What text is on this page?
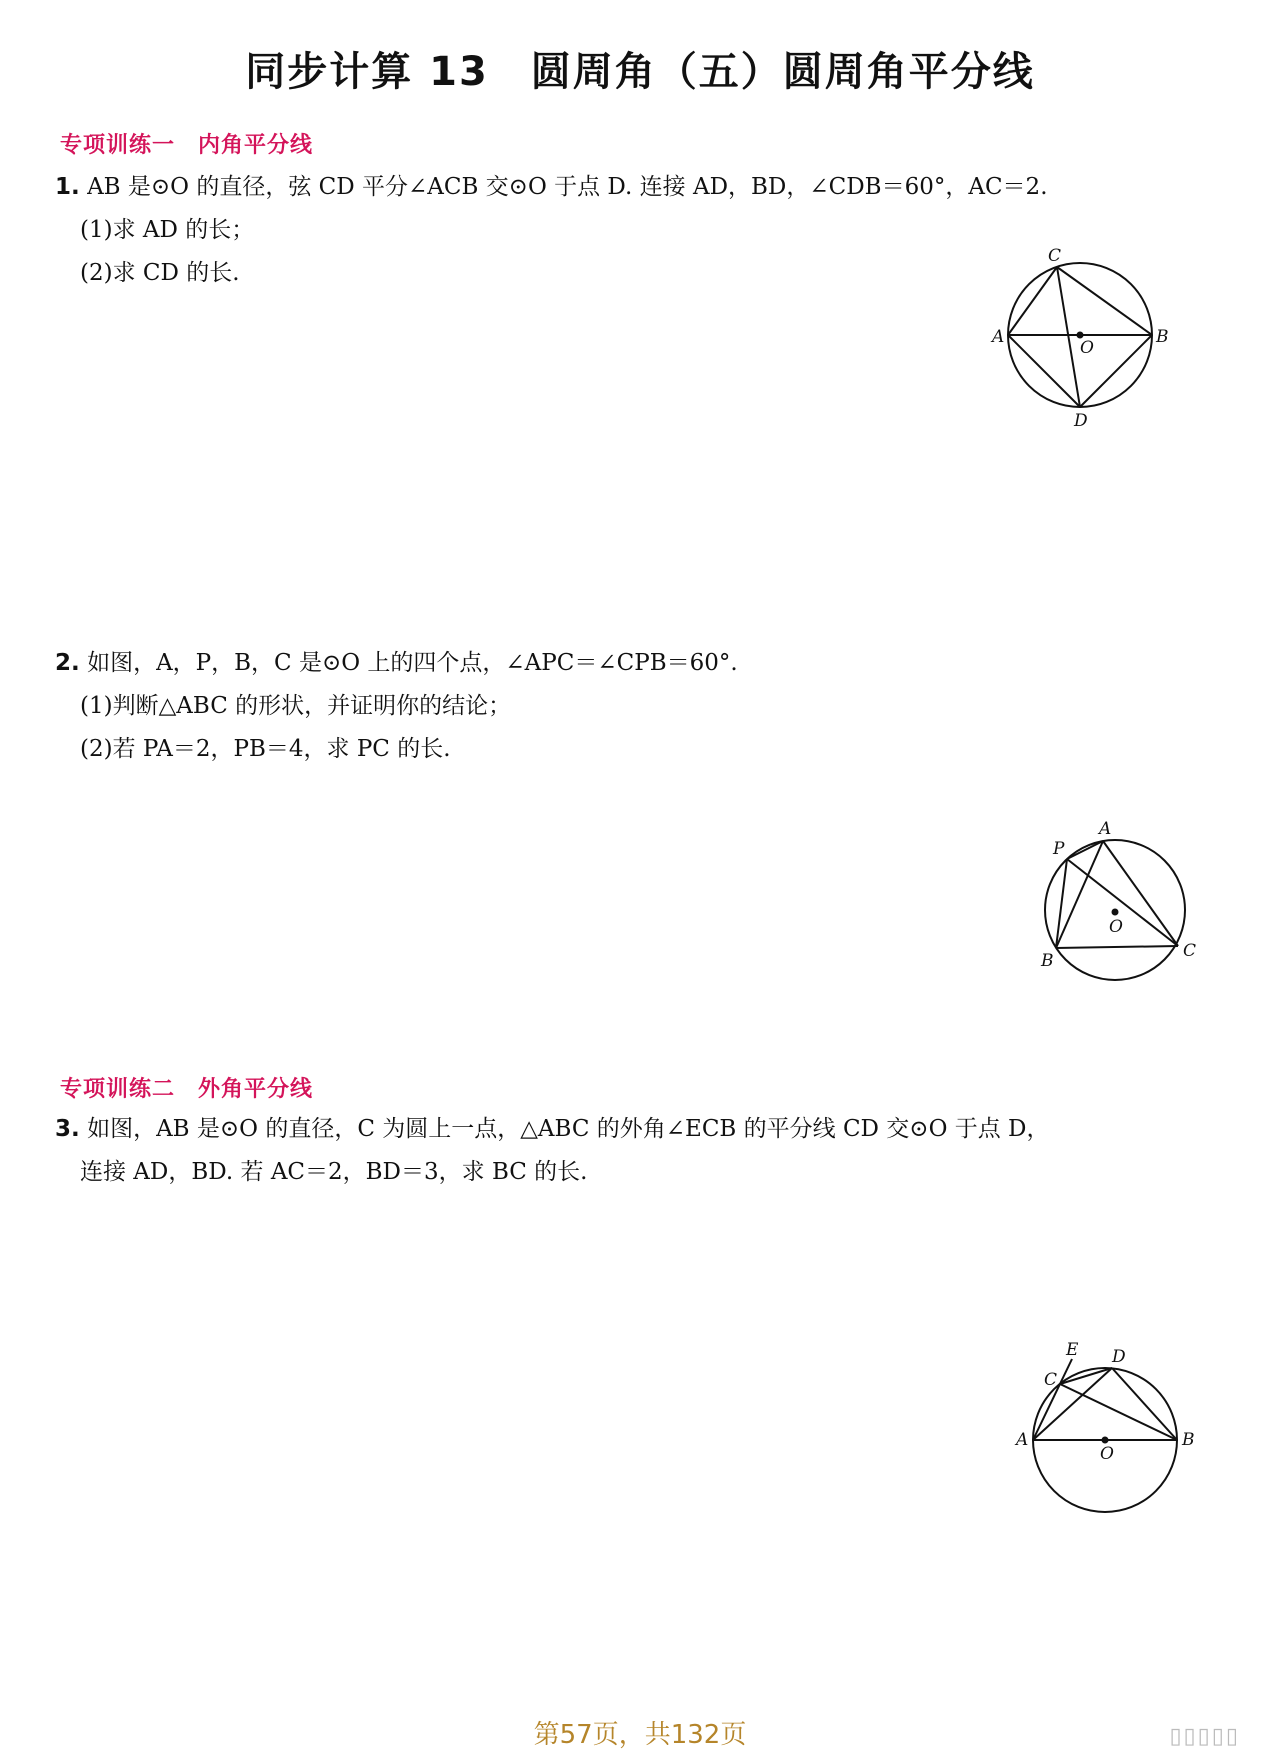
同步计算 13　圆周角（五）圆周角平分线
专项训练一　内角平分线
1. AB 是⊙O 的直径，弦 CD 平分∠ACB 交⊙O 于点 D. 连接 AD，BD，∠CDB＝60°，AC＝2.
(1)求 AD 的长；
(2)求 CD 的长.
A	B
C
D
O
2. 如图，A，P，B，C 是⊙O 上的四个点，∠APC＝∠CPB＝60°.
(1)判断△ABC 的形状，并证明你的结论；
(2)若 PA＝2，PB＝4，求 PC 的长.
A
P
B	C
O
专项训练二　外角平分线
3. 如图，AB 是⊙O 的直径，C 为圆上一点，△ABC 的外角∠ECB 的平分线 CD 交⊙O 于点 D，
连接 AD，BD. 若 AC＝2，BD＝3，求 BC 的长.
E
C
D
A	B
O
第57页，共132页	▯▯▯▯▯
